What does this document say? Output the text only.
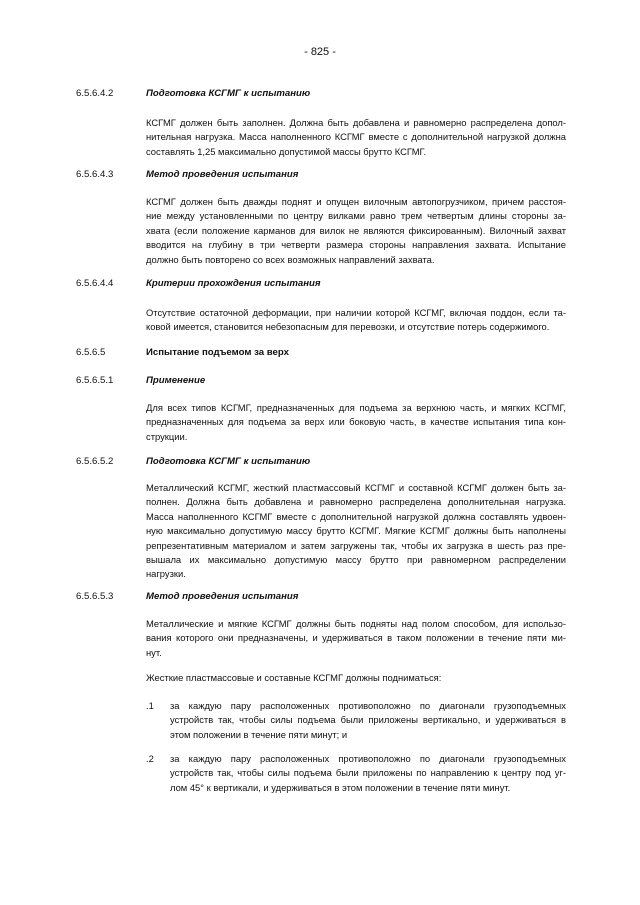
- 825 -
6.5.6.4.2	Подготовка КСГМГ к испытанию
КСГМГ должен быть заполнен. Должна быть добавлена и равномерно распределена допол-
нительная нагрузка. Масса наполненного КСГМГ вместе с дополнительной нагрузкой должна
составлять 1,25 максимально допустимой массы брутто КСГМГ.
6.5.6.4.3	Метод проведения испытания
КСГМГ должен быть дважды поднят и опущен вилочным автопогрузчиком, причем расстоя-
ние между установленными по центру вилками равно трем четвертым длины стороны за-
хвата (если положение карманов для вилок не являются фиксированным). Вилочный захват
вводится на глубину в три четверти размера стороны направления захвата. Испытание
должно быть повторено со всех возможных направлений захвата.
6.5.6.4.4	Критерии прохождения испытания
Отсутствие остаточной деформации, при наличии которой КСГМГ, включая поддон, если та-
ковой имеется, становится небезопасным для перевозки, и отсутствие потерь содержимого.
6.5.6.5	Испытание подъемом за верх
6.5.6.5.1	Применение
Для всех типов КСГМГ, предназначенных для подъема за верхнюю часть, и мягких КСГМГ,
предназначенных для подъема за верх или боковую часть, в качестве испытания типа кон-
струкции.
6.5.6.5.2	Подготовка КСГМГ к испытанию
Металлический КСГМГ, жесткий пластмассовый КСГМГ и составной КСГМГ должен быть за-
полнен. Должна быть добавлена и равномерно распределена дополнительная нагрузка.
Масса наполненного КСГМГ вместе с дополнительной нагрузкой должна составлять удвоен-
ную максимально допустимую массу брутто КСГМГ. Мягкие КСГМГ должны быть наполнены
репрезентативным материалом и затем загружены так, чтобы их загрузка в шесть раз пре-
вышала их максимально допустимую массу брутто при равномерном распределении
нагрузки.
6.5.6.5.3	Метод проведения испытания
Металлические и мягкие КСГМГ должны быть подняты над полом способом, для использо-
вания которого они предназначены, и удерживаться в таком положении в течение пяти ми-
нут.
Жесткие пластмассовые и составные КСГМГ должны подниматься:
.1 за каждую пару расположенных противоположно по диагонали грузоподъемных
устройств так, чтобы силы подъема были приложены вертикально, и удерживаться в
этом положении в течение пяти минут; и
.2 за каждую пару расположенных противоположно по диагонали грузоподъемных
устройств так, чтобы силы подъема были приложены по направлению к центру под уг-
лом 45° к вертикали, и удерживаться в этом положении в течение пяти минут.
